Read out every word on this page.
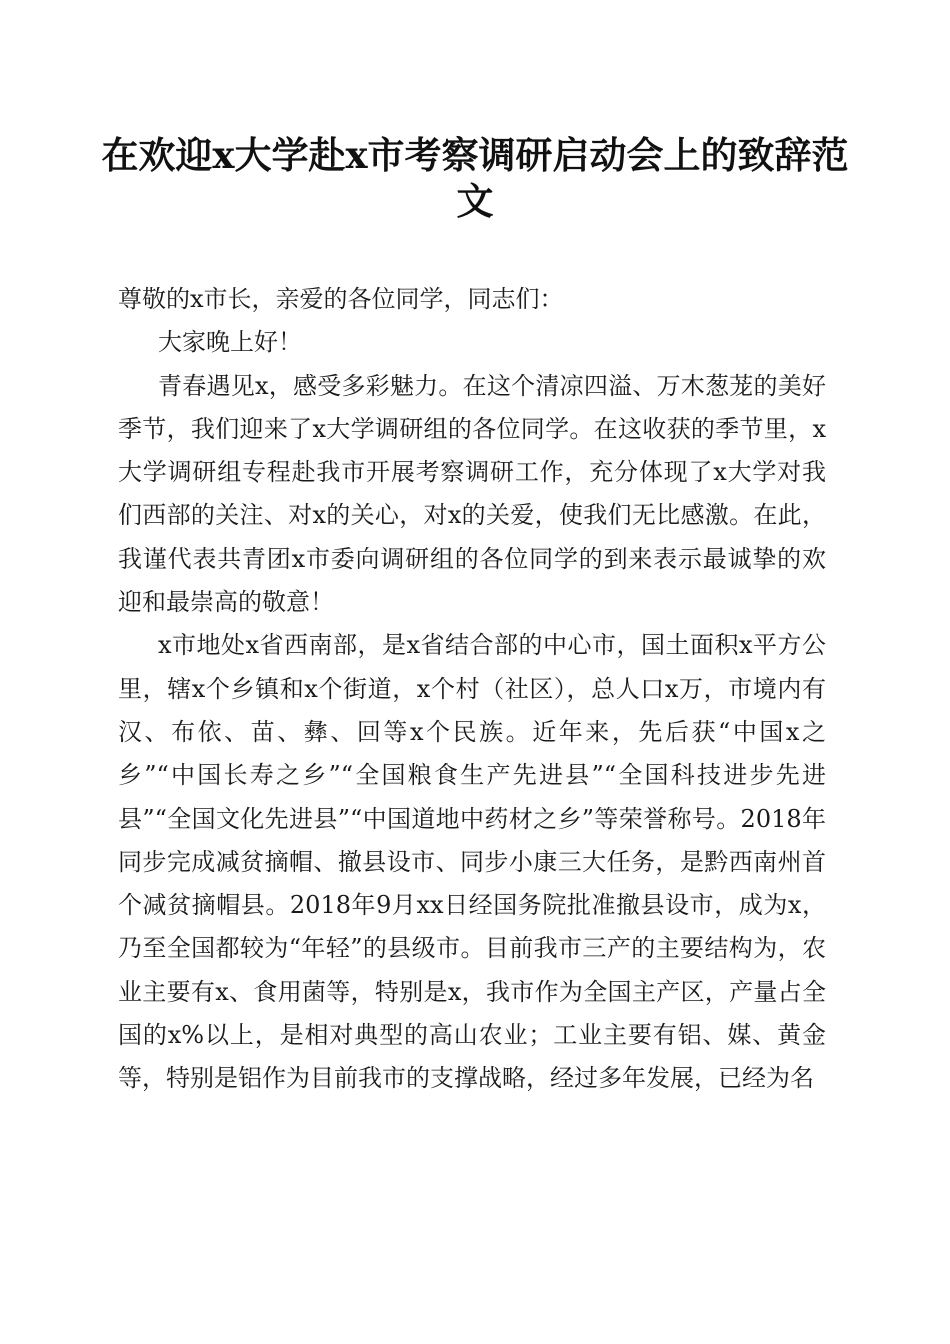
在欢迎x大学赴x市考察调研启动会上的致辞范文

尊敬的x市长，亲爱的各位同学，同志们：

大家晚上好！

青春遇见x，感受多彩魅力。在这个清凉四溢、万木葱茏的美好季节，我们迎来了x大学调研组的各位同学。在这收获的季节里，x大学调研组专程赴我市开展考察调研工作，充分体现了x大学对我们西部的关注、对x的关心，对x的关爱，使我们无比感激。在此，我谨代表共青团x市委向调研组的各位同学的到来表示最诚挚的欢迎和最崇高的敬意！

x市地处x省西南部，是x省结合部的中心市，国土面积x平方公里，辖x个乡镇和x个街道，x个村（社区），总人口x万，市境内有汉、布依、苗、彝、回等x个民族。近年来，先后获“中国x之乡”“中国长寿之乡”“全国粮食生产先进县”“全国科技进步先进县”“全国文化先进县”“中国道地中药材之乡”等荣誉称号。2018年同步完成减贫摘帽、撤县设市、同步小康三大任务，是黔西南州首个减贫摘帽县。2018年9月xx日经国务院批准撤县设市，成为x，乃至全国都较为“年轻”的县级市。目前我市三产的主要结构为，农业主要有x、食用菌等，特别是x，我市作为全国主产区，产量占全国的x%以上，是相对典型的高山农业；工业主要有铝、媒、黄金等，特别是铝作为目前我市的支撑战略，经过多年发展，已经为名
